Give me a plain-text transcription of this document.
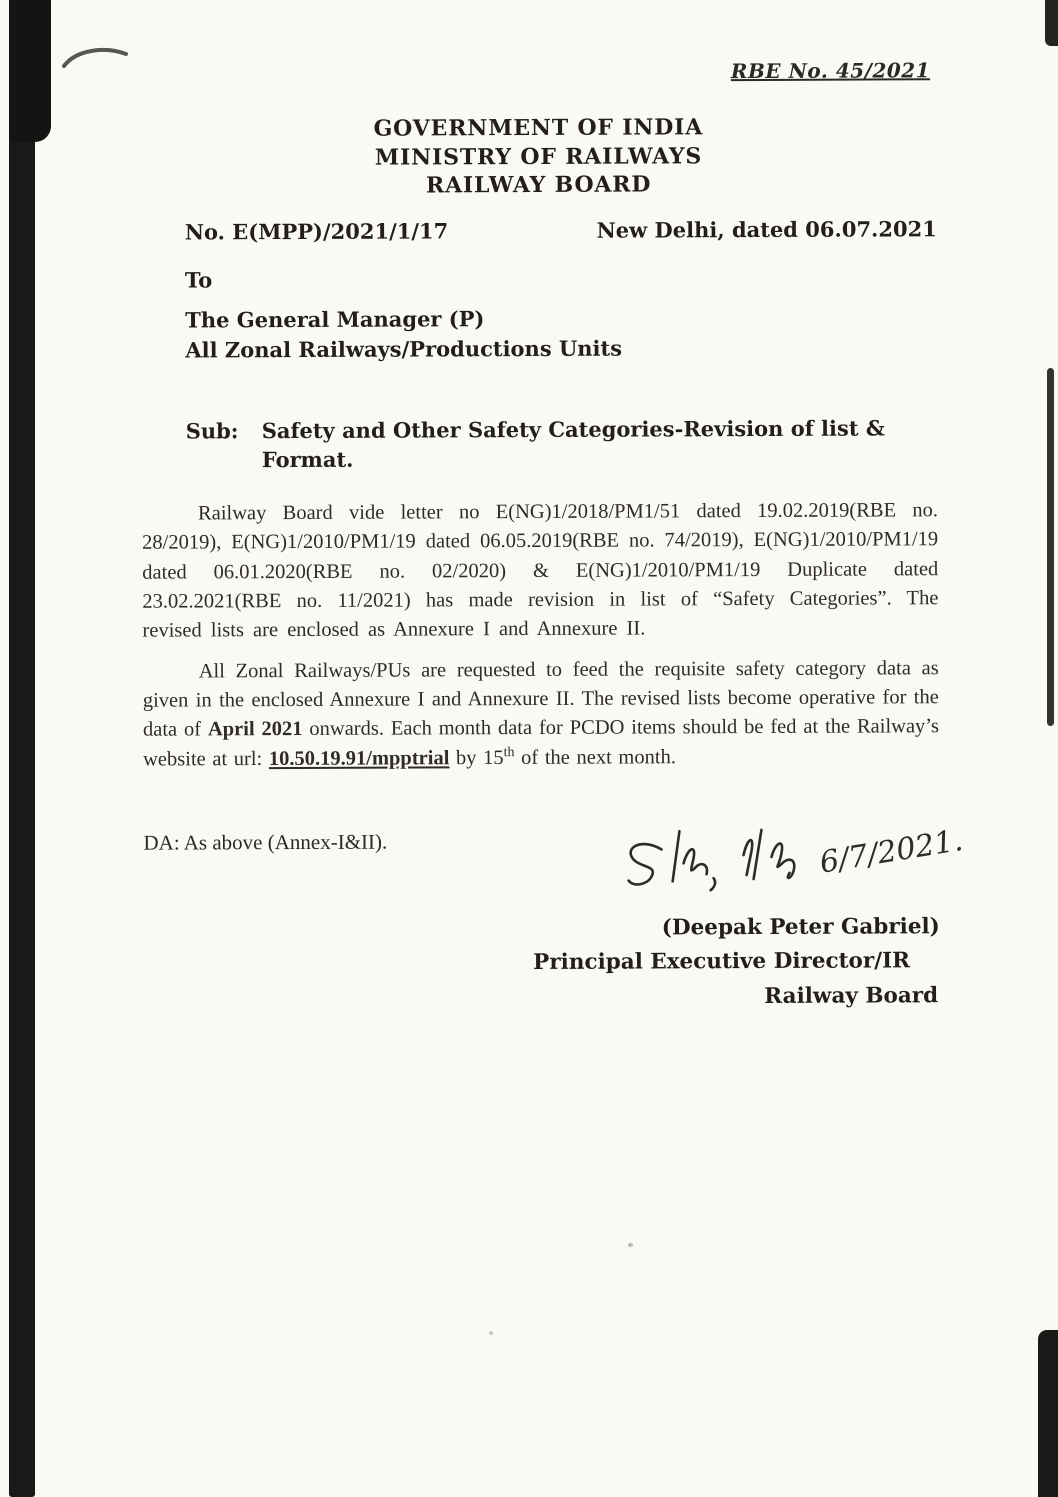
RBE No. 45/2021
GOVERNMENT OF INDIA
MINISTRY OF RAILWAYS
RAILWAY BOARD
No. E(MPP)/2021/1/17	New Delhi, dated 06.07.2021
To
The General Manager (P)
All Zonal Railways/Productions Units
Sub:	Safety and Other Safety Categories-Revision of list & Format.

Railway Board vide letter no E(NG)1/2018/PM1/51 dated 19.02.2019(RBE no. 28/2019), E(NG)1/2010/PM1/19 dated 06.05.2019(RBE no. 74/2019), E(NG)1/2010/PM1/19 dated 06.01.2020(RBE no. 02/2020) & E(NG)1/2010/PM1/19 Duplicate dated 23.02.2021(RBE no. 11/2021) has made revision in list of “Safety Categories”. The revised lists are enclosed as Annexure I and Annexure II.

All Zonal Railways/PUs are requested to feed the requisite safety category data as given in the enclosed Annexure I and Annexure II. The revised lists become operative for the data of April 2021 onwards. Each month data for PCDO items should be fed at the Railway’s website at url: 10.50.19.91/mpptrial by 15th of the next month.

DA: As above (Annex-I&II).	6/7/2021.
(Deepak Peter Gabriel)
Principal Executive Director/IR
Railway Board
